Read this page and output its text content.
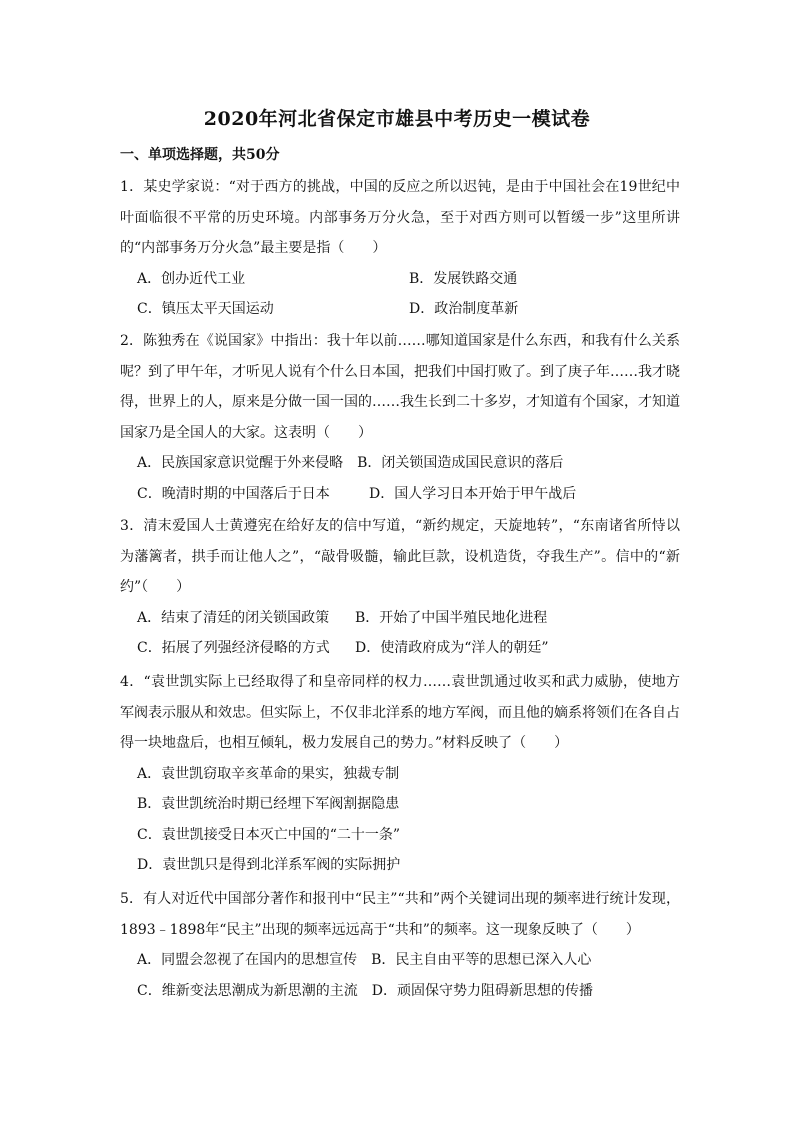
2020年河北省保定市雄县中考历史一模试卷
一、单项选择题，共50分
1．某史学家说：“对于西方的挑战，中国的反应之所以迟钝，是由于中国社会在19世纪中叶面临很不平常的历史环境。内部事务万分火急，至于对西方则可以暂缓一步”这里所讲的“内部事务万分火急”最主要是指（　　）
A．创办近代工业	B．发展铁路交通
C．镇压太平天国运动	D．政治制度革新
2．陈独秀在《说国家》中指出：我十年以前……哪知道国家是什么东西，和我有什么关系呢？到了甲午年，才听见人说有个什么日本国，把我们中国打败了。到了庚子年……我才晓得，世界上的人，原来是分做一国一国的……我生长到二十多岁，才知道有个国家，才知道国家乃是全国人的大家。这表明（　　）
A．民族国家意识觉醒于外来侵略 B．闭关锁国造成国民意识的落后
C．晚清时期的中国落后于日本	D．国人学习日本开始于甲午战后
3．清末爱国人士黄遵宪在给好友的信中写道，“新约规定，天旋地转”，“东南诸省所恃以为藩篱者，拱手而让他人之”，“敲骨吸髓，输此巨款，设机造货，夺我生产”。信中的“新约”（　　）
A．结束了清廷的闭关锁国政策	B．开始了中国半殖民地化进程
C．拓展了列强经济侵略的方式	D．使清政府成为“洋人的朝廷”
4．“袁世凯实际上已经取得了和皇帝同样的权力……袁世凯通过收买和武力威胁，使地方军阀表示服从和效忠。但实际上，不仅非北洋系的地方军阀，而且他的嫡系将领们在各自占得一块地盘后，也相互倾轧，极力发展自己的势力。”材料反映了（　　）
A．袁世凯窃取辛亥革命的果实，独裁专制
B．袁世凯统治时期已经埋下军阀割据隐患
C．袁世凯接受日本灭亡中国的“二十一条”
D．袁世凯只是得到北洋系军阀的实际拥护
5．有人对近代中国部分著作和报刊中“民主”“共和”两个关键词出现的频率进行统计发现，1893﹣1898年“民主”出现的频率远远高于“共和”的频率。这一现象反映了（　　）
A．同盟会忽视了在国内的思想宣传 B．民主自由平等的思想已深入人心
C．维新变法思潮成为新思潮的主流 D．顽固保守势力阻碍新思想的传播
